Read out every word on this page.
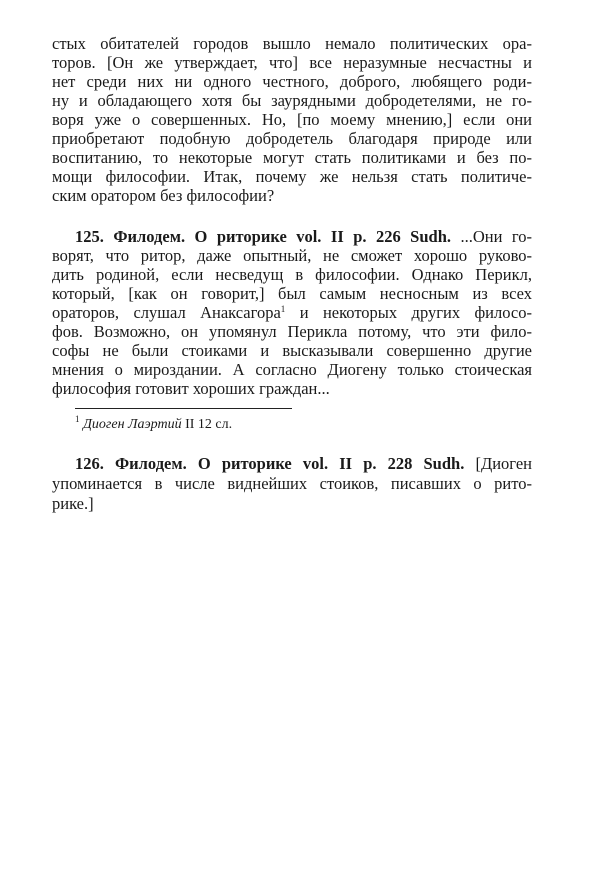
стых обитателей городов вышло немало политических ора-
торов. [Он же утверждает, что] все неразумные несчастны и
нет среди них ни одного честного, доброго, любящего роди-
ну и обладающего хотя бы заурядными добродетелями, не го-
воря уже о совершенных. Но, [по моему мнению,] если они
приобретают подобную добродетель благодаря природе или
воспитанию, то некоторые могут стать политиками и без по-
мощи философии. Итак, почему же нельзя стать политиче-
ским оратором без философии?
125. Филодем. О риторике vol. II p. 226 Sudh. ...Они го-
ворят, что ритор, даже опытный, не сможет хорошо руково-
дить родиной, если несведущ в философии. Однако Перикл,
который, [как он говорит,] был самым несносным из всех
ораторов, слушал Анаксагора$^1$ и некоторых других филосо-
фов. Возможно, он упомянул Перикла потому, что эти фило-
софы не были стоиками и высказывали совершенно другие
мнения о мироздании. А согласно Диогену только стоическая
философия готовит хороших граждан...
$^1$ Диоген Лаэртий II 12 сл.
126. Филодем. О риторике vol. II p. 228 Sudh. [Диоген
упоминается в числе виднейших стоиков, писавших о рито-
рике.]
